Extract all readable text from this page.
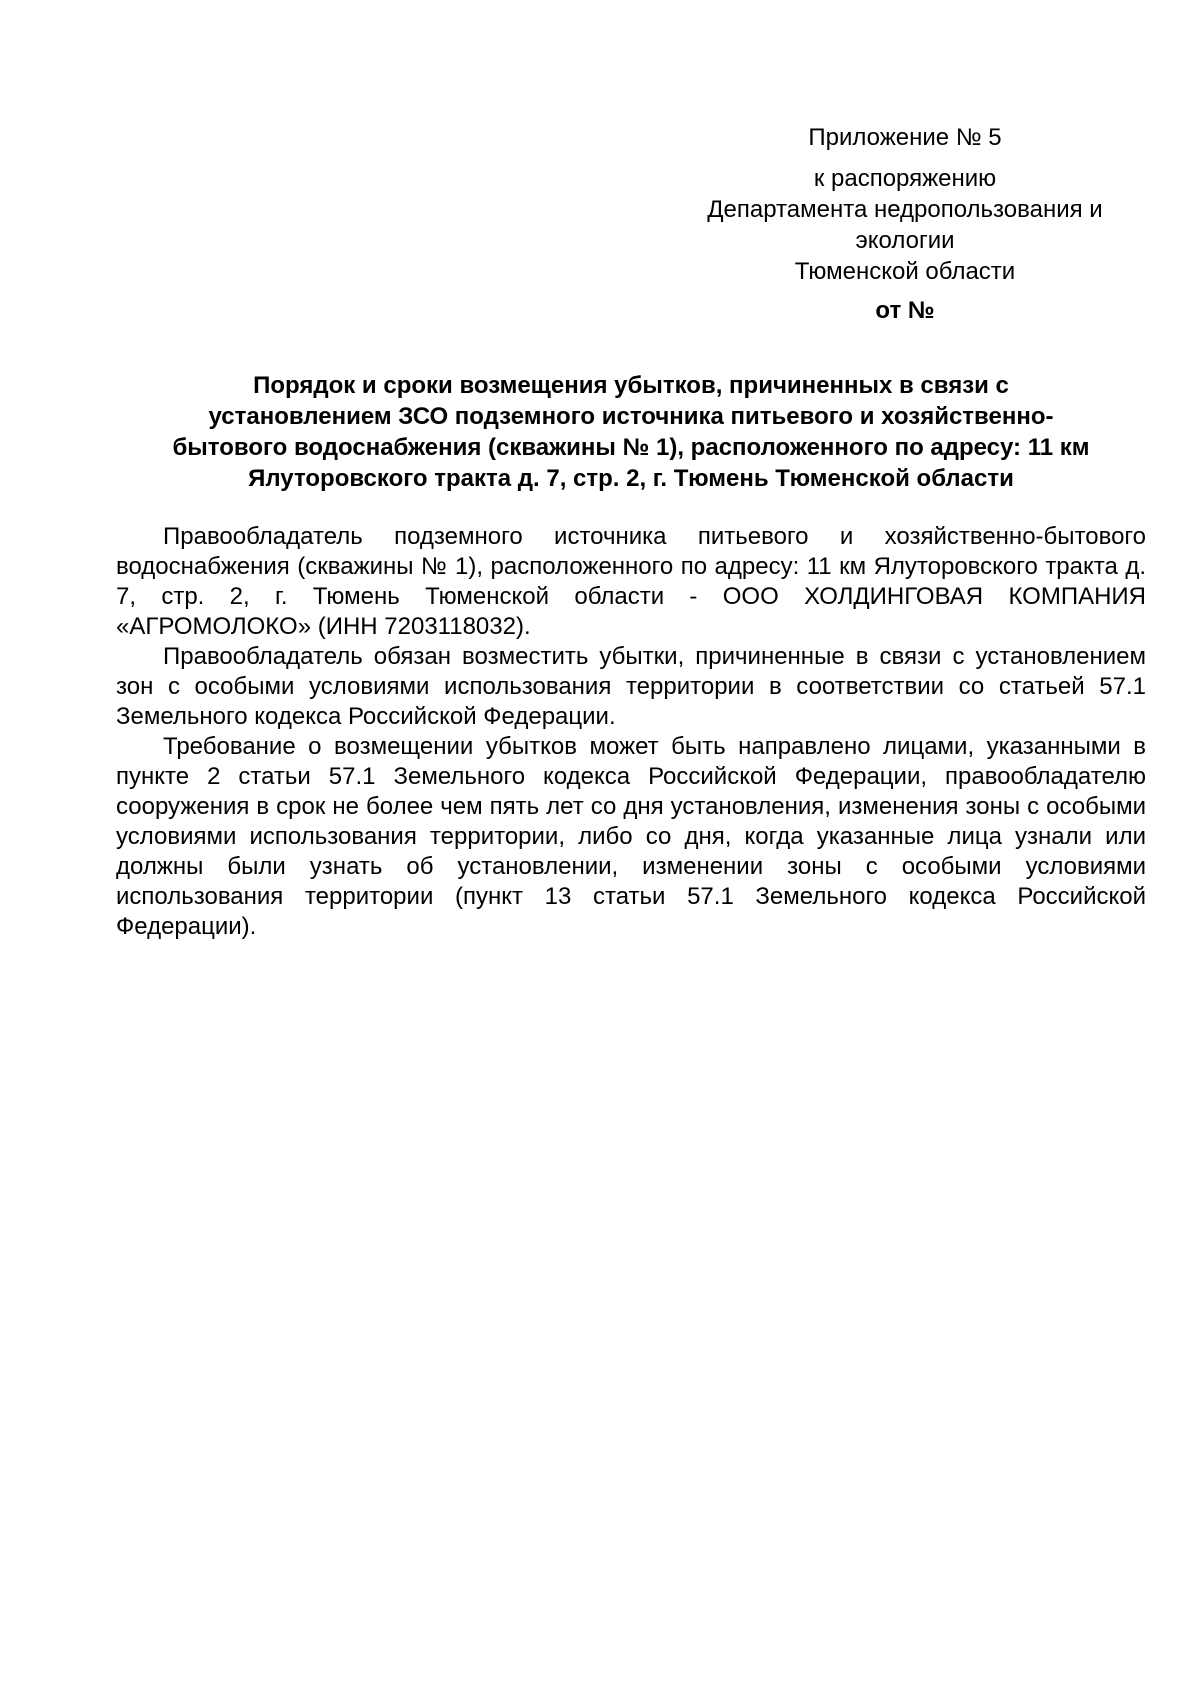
Приложение № 5
к распоряжению
Департамента недропользования и
экологии
Тюменской области
от №
Порядок и сроки возмещения убытков, причиненных в связи с
установлением ЗСО подземного источника питьевого и хозяйственно-
бытового водоснабжения (скважины № 1), расположенного по адресу: 11 км
Ялуторовского тракта д. 7, стр. 2, г. Тюмень Тюменской области

Правообладатель подземного источника питьевого и хозяйственно-бытового водоснабжения (скважины № 1), расположенного по адресу: 11 км Ялуторовского тракта д. 7, стр. 2, г. Тюмень Тюменской области - ООО ХОЛДИНГОВАЯ КОМПАНИЯ «АГРОМОЛОКО» (ИНН 7203118032).

Правообладатель обязан возместить убытки, причиненные в связи с установлением зон с особыми условиями использования территории в соответствии со статьей 57.1 Земельного кодекса Российской Федерации.

Требование о возмещении убытков может быть направлено лицами, указанными в пункте 2 статьи 57.1 Земельного кодекса Российской Федерации, правообладателю сооружения в срок не более чем пять лет со дня установления, изменения зоны с особыми условиями использования территории, либо со дня, когда указанные лица узнали или должны были узнать об установлении, изменении зоны с особыми условиями использования территории (пункт 13 статьи 57.1 Земельного кодекса Российской Федерации).
